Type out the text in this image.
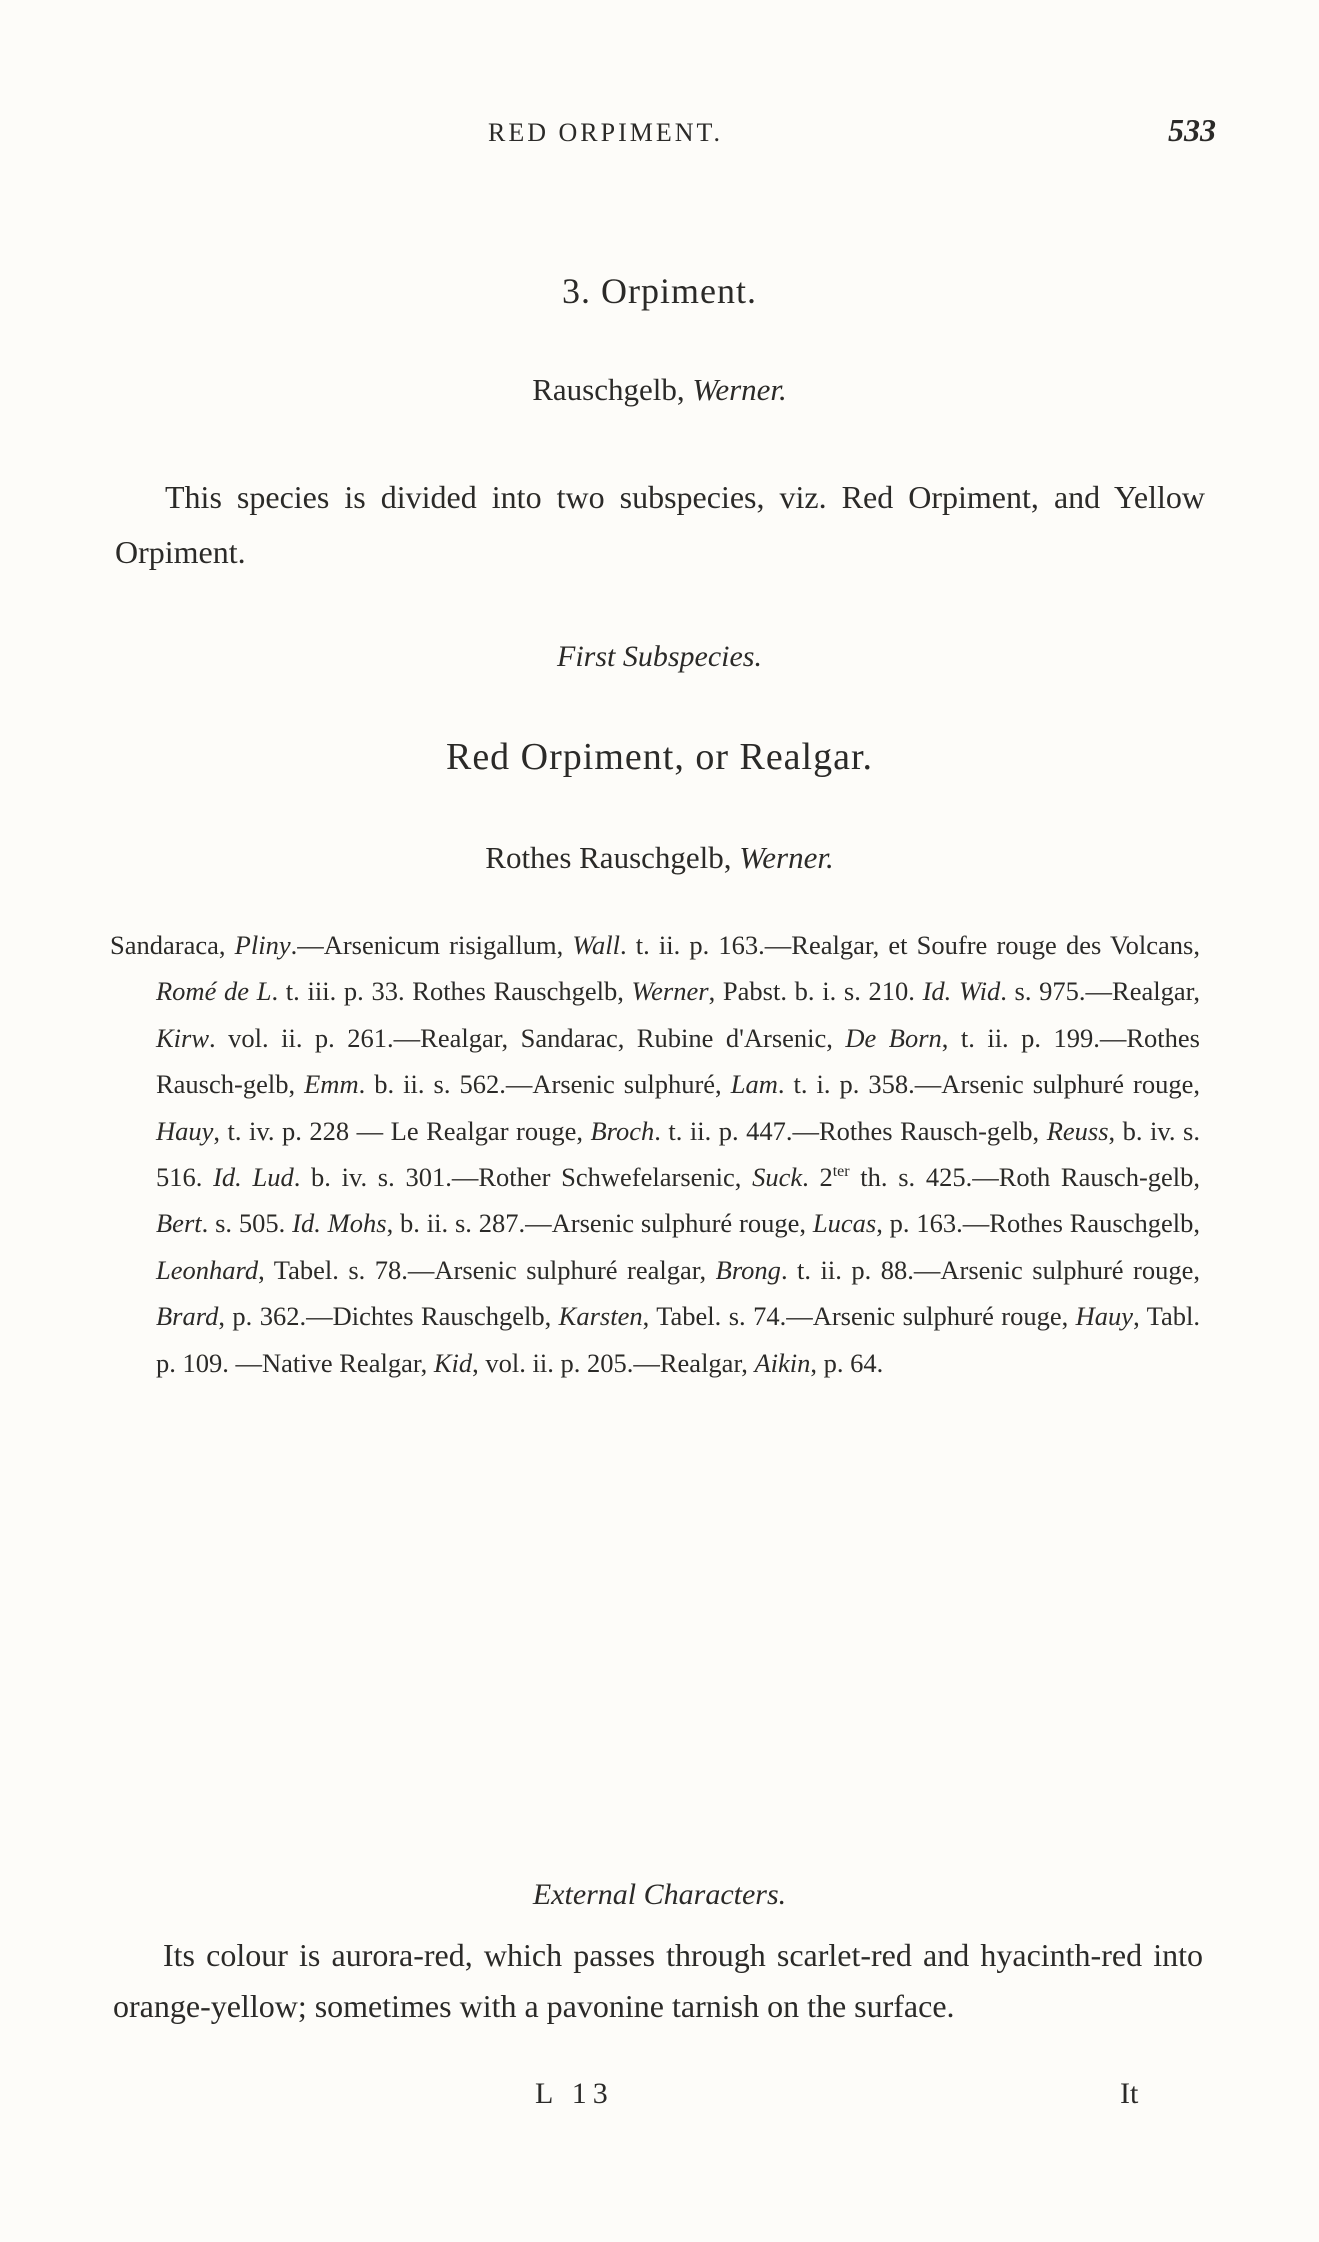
RED ORPIMENT.	533
3. Orpiment.
Rauschgelb, Werner.
This species is divided into two subspecies, viz. Red Orpiment, and Yellow Orpiment.
First Subspecies.
Red Orpiment, or Realgar.
Rothes Rauschgelb, Werner.

Sandaraca, Pliny.—Arsenicum risigallum, Wall. t. ii. p. 163.—Realgar, et Soufre rouge des Volcans, Romé de L. t. iii. p. 33. Rothes Rauschgelb, Werner, Pabst. b. i. s. 210. Id. Wid. s. 975.—Realgar, Kirw. vol. ii. p. 261.—Realgar, Sandarac, Rubine d'Arsenic, De Born, t. ii. p. 199.—Rothes Rausch-gelb, Emm. b. ii. s. 562.—Arsenic sulphuré, Lam. t. i. p. 358.—Arsenic sulphuré rouge, Hauy, t. iv. p. 228 — Le Realgar rouge, Broch. t. ii. p. 447.—Rothes Rausch-gelb, Reuss, b. iv. s. 516. Id. Lud. b. iv. s. 301.—Rother Schwefelarsenic, Suck. $2^{ter}$ th. s. 425.—Roth Rausch-gelb, Bert. s. 505. Id. Mohs, b. ii. s. 287.—Arsenic sulphuré rouge, Lucas, p. 163.—Rothes Rauschgelb, Leonhard, Tabel. s. 78.—Arsenic sulphuré realgar, Brong. t. ii. p. 88.—Arsenic sulphuré rouge, Brard, p. 362.—Dichtes Rauschgelb, Karsten, Tabel. s. 74.—Arsenic sulphuré rouge, Hauy, Tabl. p. 109. —Native Realgar, Kid, vol. ii. p. 205.—Realgar, Aikin, p. 64.

External Characters.
Its colour is aurora-red, which passes through scarlet-red and hyacinth-red into orange-yellow; sometimes with a pavonine tarnish on the surface.
L 13	It
